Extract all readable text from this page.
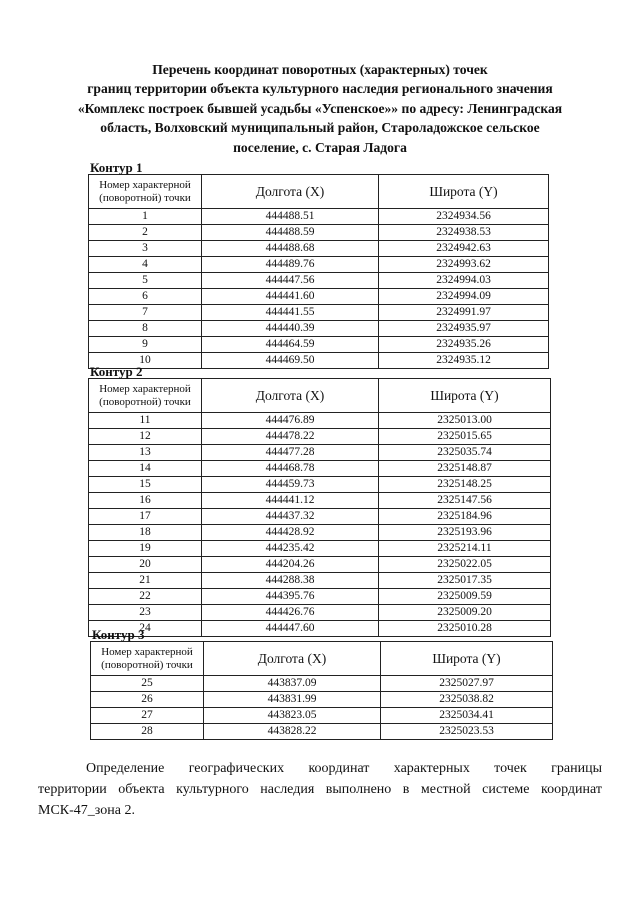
Перечень координат поворотных (характерных) точек
границ территории объекта культурного наследия регионального значения
«Комплекс построек бывшей усадьбы «Успенское»» по адресу: Ленинградская
область, Волховский муниципальный район, Староладожское сельское
поселение, с. Старая Ладога
Контур 1
Номер характерной
(поворотной) точки	Долгота (X)	Широта (Y)
1	444488.51	2324934.56
2	444488.59	2324938.53
3	444488.68	2324942.63
4	444489.76	2324993.62
5	444447.56	2324994.03
6	444441.60	2324994.09
7	444441.55	2324991.97
8	444440.39	2324935.97
9	444464.59	2324935.26
10	444469.50	2324935.12
Контур 2
Номер характерной
(поворотной) точки	Долгота (X)	Широта (Y)
11	444476.89	2325013.00
12	444478.22	2325015.65
13	444477.28	2325035.74
14	444468.78	2325148.87
15	444459.73	2325148.25
16	444441.12	2325147.56
17	444437.32	2325184.96
18	444428.92	2325193.96
19	444235.42	2325214.11
20	444204.26	2325022.05
21	444288.38	2325017.35
22	444395.76	2325009.59
23	444426.76	2325009.20
24	444447.60	2325010.28
Контур 3
Номер характерной
(поворотной) точки	Долгота (X)	Широта (Y)
25	443837.09	2325027.97
26	443831.99	2325038.82
27	443823.05	2325034.41
28	443828.22	2325023.53
Определение географических координат характерных точек границы
территории объекта культурного наследия выполнено в местной системе координат
МСК-47_зона 2.
